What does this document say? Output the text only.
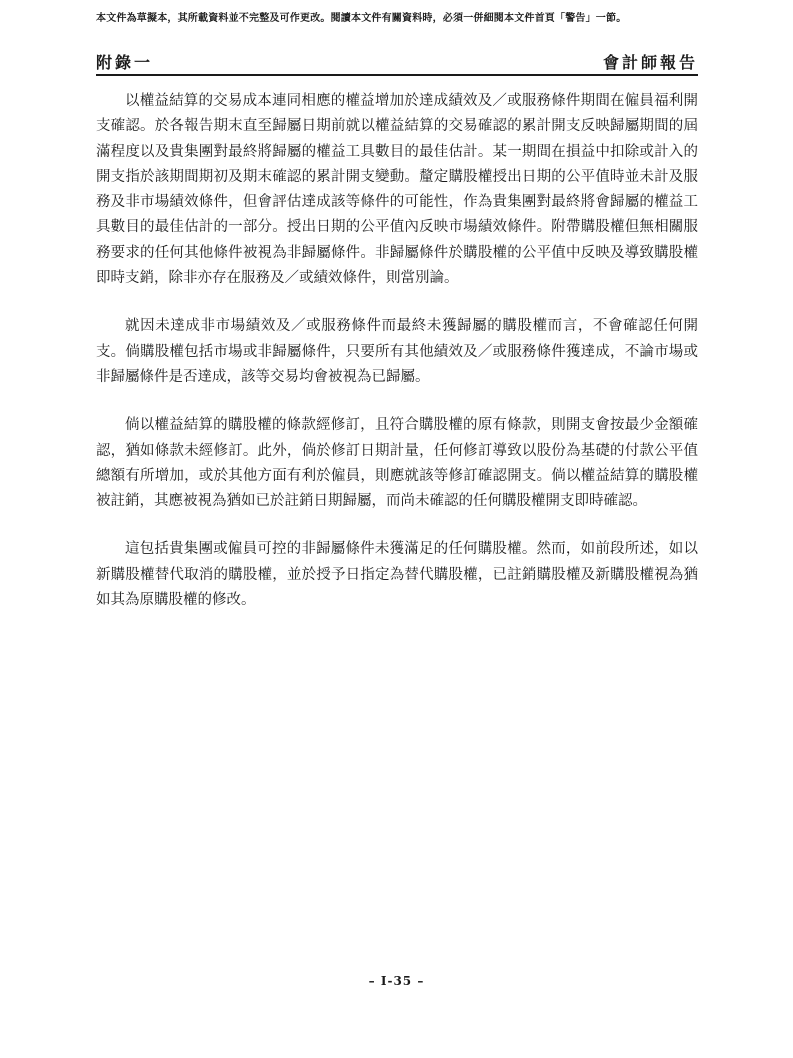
本文件為草擬本，其所載資料並不完整及可作更改。閱讀本文件有關資料時，必須一併細閱本文件首頁「警告」一節。
附錄一	會計師報告

以權益結算的交易成本連同相應的權益增加於達成績效及／或服務條件期間在僱員福利開支確認。於各報告期末直至歸屬日期前就以權益結算的交易確認的累計開支反映歸屬期間的屆滿程度以及貴集團對最終將歸屬的權益工具數目的最佳估計。某一期間在損益中扣除或計入的開支指於該期間期初及期末確認的累計開支變動。釐定購股權授出日期的公平值時並未計及服務及非市場績效條件，但會評估達成該等條件的可能性，作為貴集團對最終將會歸屬的權益工具數目的最佳估計的一部分。授出日期的公平值內反映市場績效條件。附帶購股權但無相關服務要求的任何其他條件被視為非歸屬條件。非歸屬條件於購股權的公平值中反映及導致購股權即時支銷，除非亦存在服務及／或績效條件，則當別論。

就因未達成非市場績效及／或服務條件而最終未獲歸屬的購股權而言，不會確認任何開支。倘購股權包括市場或非歸屬條件，只要所有其他績效及／或服務條件獲達成，不論市場或非歸屬條件是否達成，該等交易均會被視為已歸屬。

倘以權益結算的購股權的條款經修訂，且符合購股權的原有條款，則開支會按最少金額確認，猶如條款未經修訂。此外，倘於修訂日期計量，任何修訂導致以股份為基礎的付款公平值總額有所增加，或於其他方面有利於僱員，則應就該等修訂確認開支。倘以權益結算的購股權被註銷，其應被視為猶如已於註銷日期歸屬，而尚未確認的任何購股權開支即時確認。

這包括貴集團或僱員可控的非歸屬條件未獲滿足的任何購股權。然而，如前段所述，如以新購股權替代取消的購股權，並於授予日指定為替代購股權，已註銷購股權及新購股權視為猶如其為原購股權的修改。

– I-35 –
